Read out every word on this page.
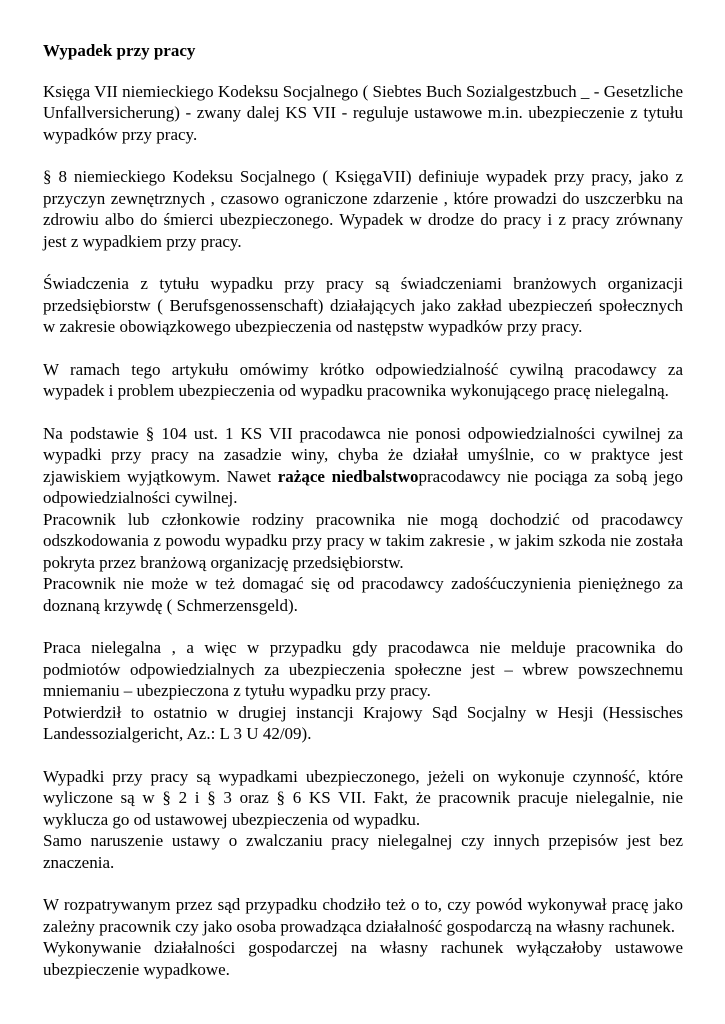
Wypadek przy pracy

Księga VII niemieckiego Kodeksu Socjalnego ( Siebtes Buch Sozialgestzbuch _ - Gesetzliche Unfallversicherung) - zwany dalej KS VII - reguluje ustawowe m.in. ubezpieczenie z tytułu wypadków przy pracy.

§ 8 niemieckiego Kodeksu Socjalnego ( KsięgaVII) definiuje wypadek przy pracy, jako z przyczyn zewnętrznych , czasowo ograniczone zdarzenie , które prowadzi do uszczerbku na zdrowiu albo do śmierci ubezpieczonego. Wypadek w drodze do pracy i z pracy zrównany jest z wypadkiem przy pracy.

Świadczenia z tytułu wypadku przy pracy są świadczeniami branżowych organizacji przedsiębiorstw ( Berufsgenossenschaft) działających jako zakład ubezpieczeń społecznych w zakresie obowiązkowego ubezpieczenia od następstw wypadków przy pracy.

W ramach tego artykułu omówimy krótko odpowiedzialność cywilną pracodawcy za wypadek i problem ubezpieczenia od wypadku pracownika wykonującego pracę nielegalną.

Na podstawie § 104 ust. 1 KS VII pracodawca nie ponosi odpowiedzialności cywilnej za wypadki przy pracy na zasadzie winy, chyba że działał umyślnie, co w praktyce jest zjawiskiem wyjątkowym. Nawet rażące niedbalstwopracodawcy nie pociąga za sobą jego odpowiedzialności cywilnej.

Pracownik lub członkowie rodziny pracownika nie mogą dochodzić od pracodawcy odszkodowania z powodu wypadku przy pracy w takim zakresie , w jakim szkoda nie została pokryta przez branżową organizację przedsiębiorstw.

Pracownik nie może w też domagać się od pracodawcy zadośćuczynienia pieniężnego za doznaną krzywdę ( Schmerzensgeld).

Praca nielegalna , a więc w przypadku gdy pracodawca nie melduje pracownika do podmiotów odpowiedzialnych za ubezpieczenia społeczne jest – wbrew powszechnemu mniemaniu – ubezpieczona z tytułu wypadku przy pracy.

Potwierdził to ostatnio w drugiej instancji Krajowy Sąd Socjalny w Hesji (Hessisches Landessozialgericht, Az.: L 3 U 42/09).

Wypadki przy pracy są wypadkami ubezpieczonego, jeżeli on wykonuje czynność, które wyliczone są w § 2 i § 3 oraz § 6 KS VII. Fakt, że pracownik pracuje nielegalnie, nie wyklucza go od ustawowej ubezpieczenia od wypadku.

Samo naruszenie ustawy o zwalczaniu pracy nielegalnej czy innych przepisów jest bez znaczenia.

W rozpatrywanym przez sąd przypadku chodziło też o to, czy powód wykonywał pracę jako zależny pracownik czy jako osoba prowadząca działalność gospodarczą na własny rachunek.

Wykonywanie działalności gospodarczej na własny rachunek wyłączałoby ustawowe ubezpieczenie wypadkowe.
